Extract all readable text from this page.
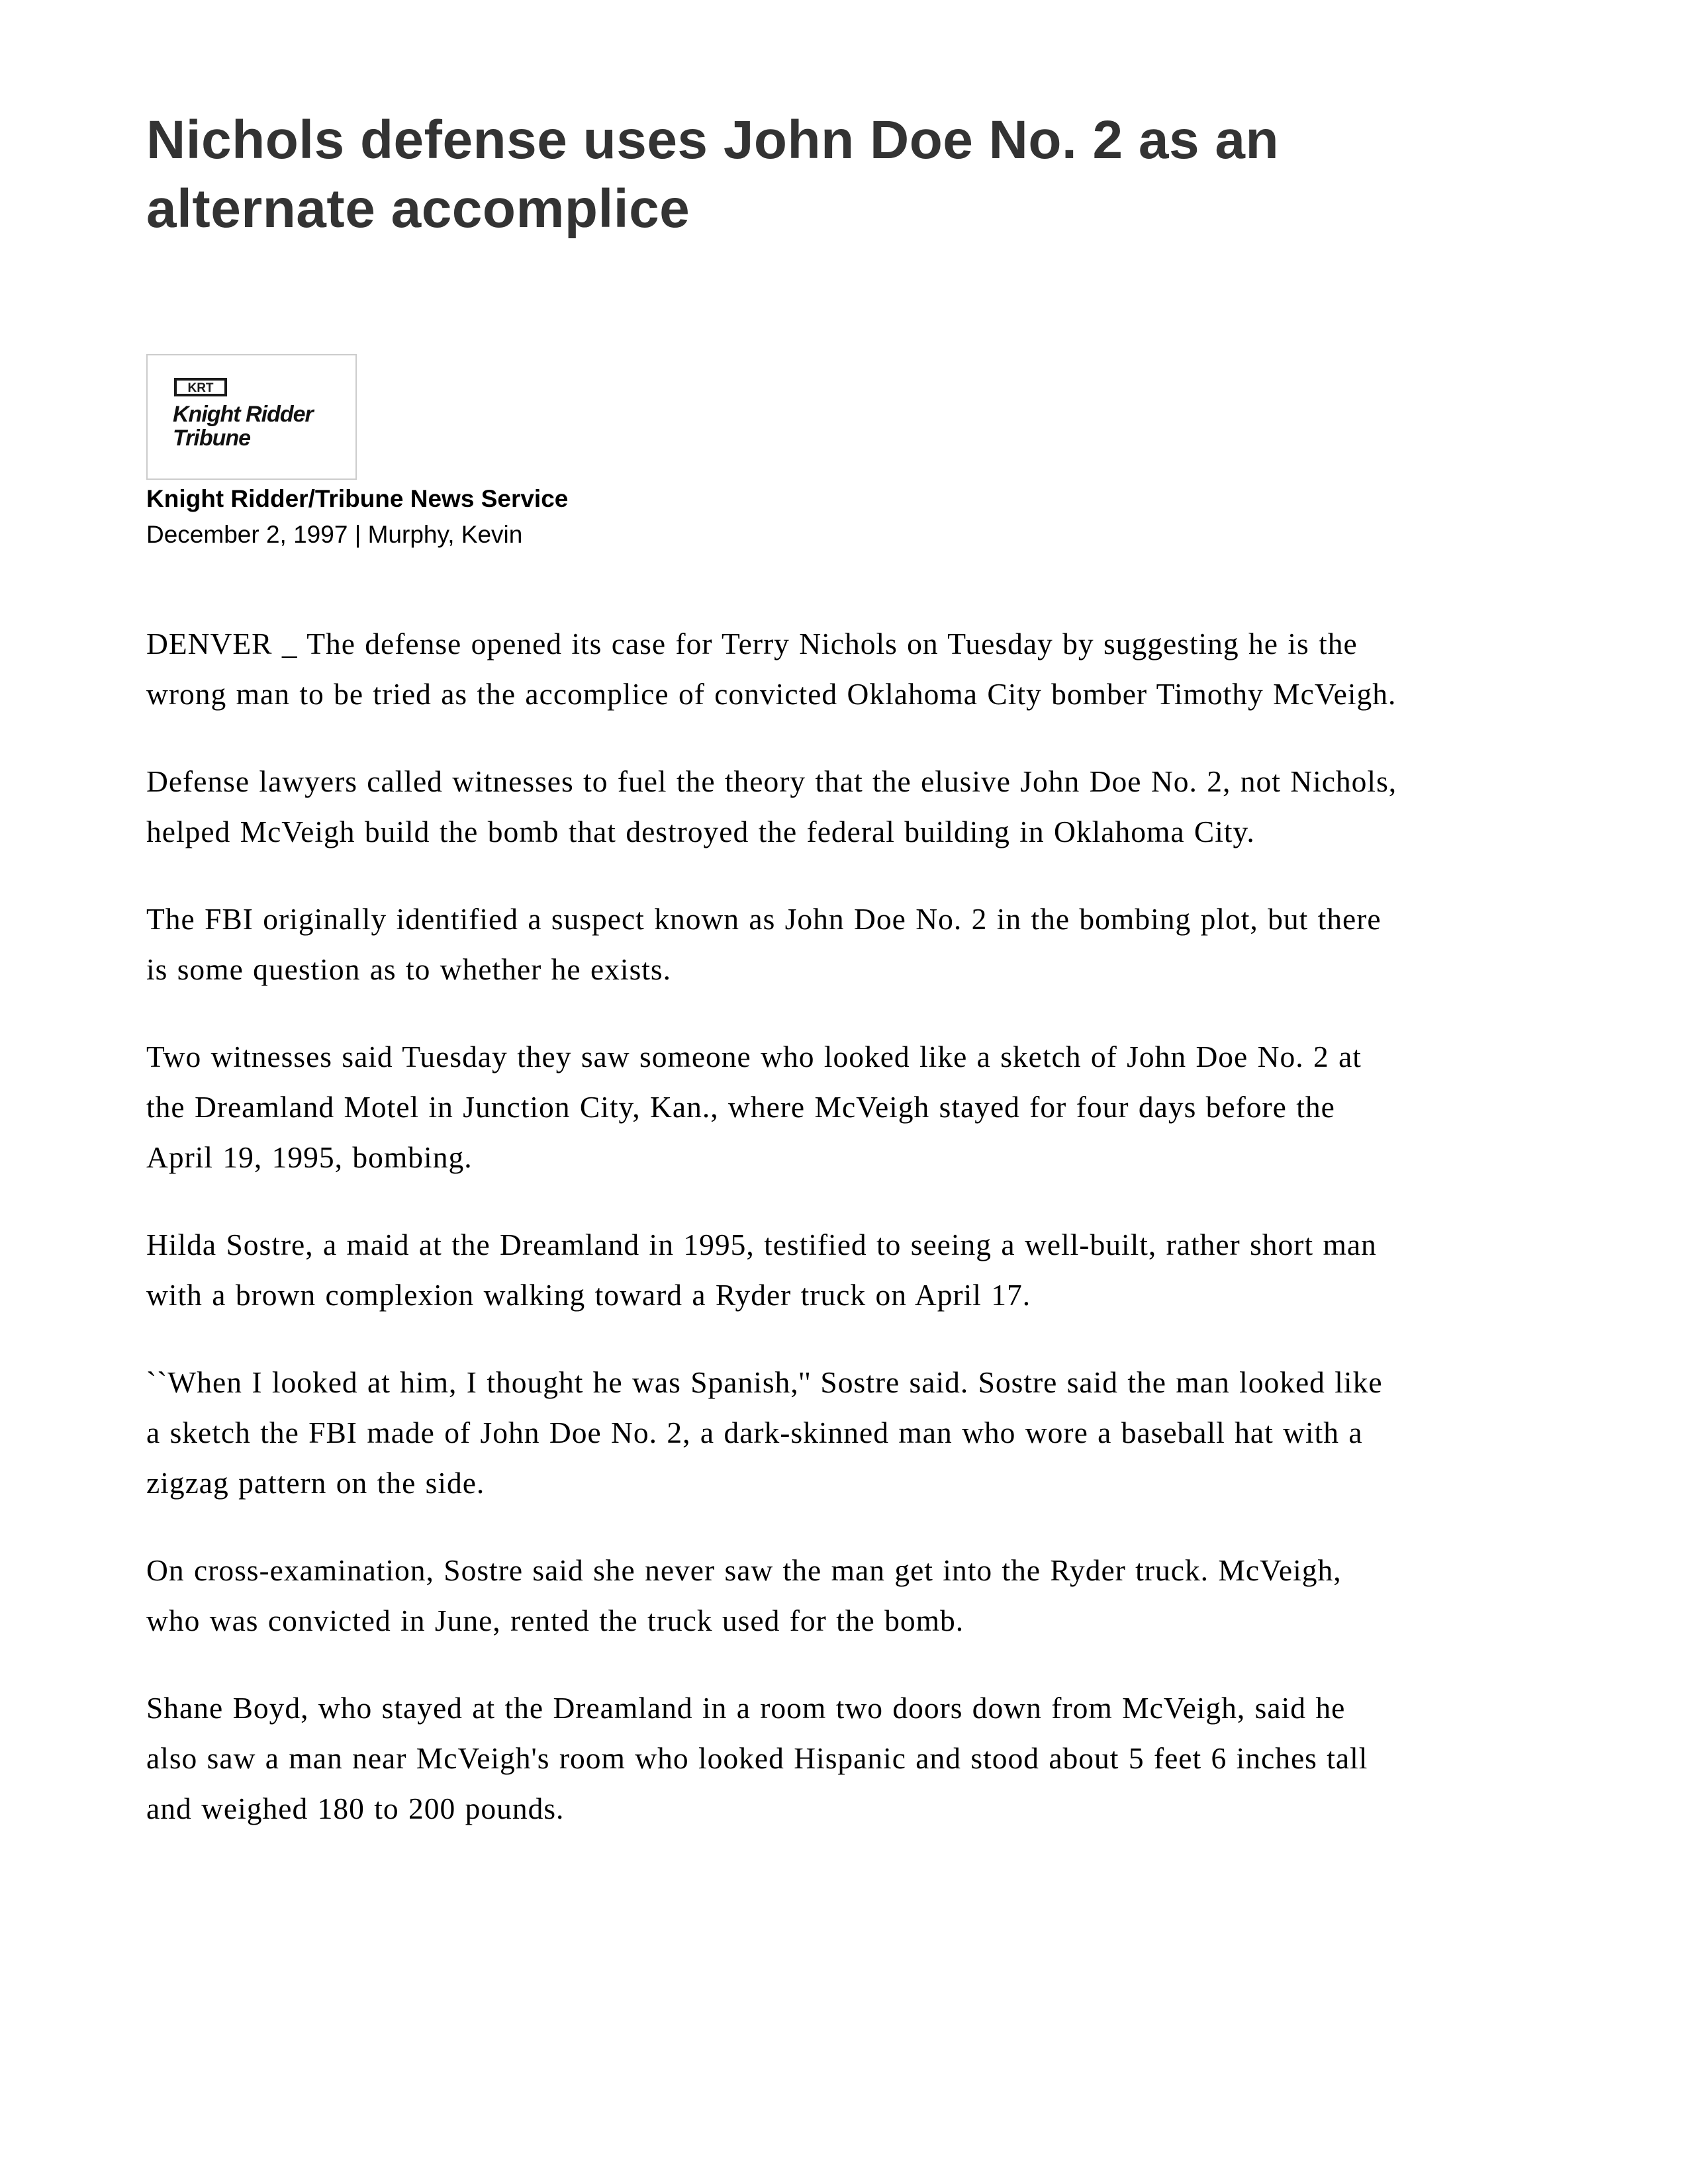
Nichols defense uses John Doe No. 2 as an alternate accomplice
KRT
Knight Ridder
Tribune

Knight Ridder/Tribune News Service

December 2, 1997 | Murphy, Kevin

DENVER _ The defense opened its case for Terry Nichols on Tuesday by suggesting he is the wrong man to be tried as the accomplice of convicted Oklahoma City bomber Timothy McVeigh.

Defense lawyers called witnesses to fuel the theory that the elusive John Doe No. 2, not Nichols, helped McVeigh build the bomb that destroyed the federal building in Oklahoma City.

The FBI originally identified a suspect known as John Doe No. 2 in the bombing plot, but there is some question as to whether he exists.

Two witnesses said Tuesday they saw someone who looked like a sketch of John Doe No. 2 at the Dreamland Motel in Junction City, Kan., where McVeigh stayed for four days before the April 19, 1995, bombing.

Hilda Sostre, a maid at the Dreamland in 1995, testified to seeing a well-built, rather short man with a brown complexion walking toward a Ryder truck on April 17.

``When I looked at him, I thought he was Spanish,'' Sostre said. Sostre said the man looked like a sketch the FBI made of John Doe No. 2, a dark-skinned man who wore a baseball hat with a zigzag pattern on the side.

On cross-examination, Sostre said she never saw the man get into the Ryder truck. McVeigh, who was convicted in June, rented the truck used for the bomb.

Shane Boyd, who stayed at the Dreamland in a room two doors down from McVeigh, said he also saw a man near McVeigh's room who looked Hispanic and stood about 5 feet 6 inches tall and weighed 180 to 200 pounds.
